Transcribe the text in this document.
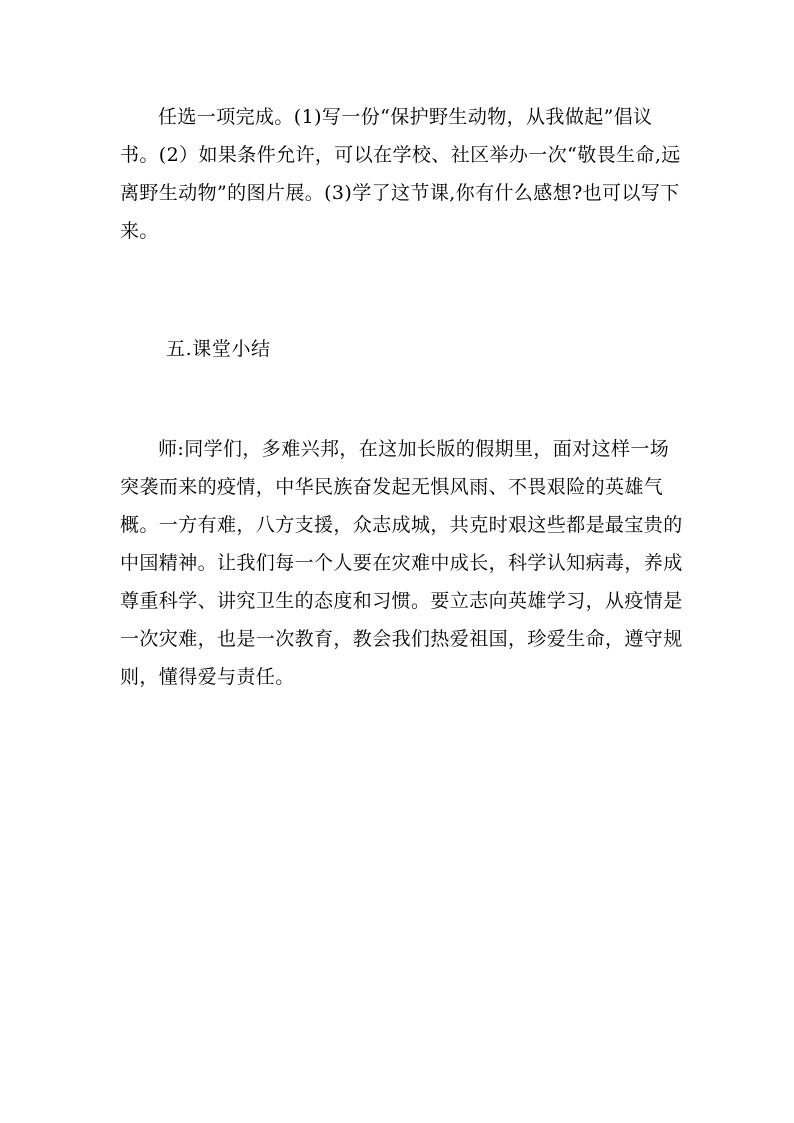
任选一项完成。(1)写一份“保护野生动物，从我做起”倡议书。(2）如果条件允许，可以在学校、社区举办一次“敬畏生命,远离野生动物”的图片展。(3)学了这节课,你有什么感想?也可以写下来。

五.课堂小结

师:同学们，多难兴邦，在这加长版的假期里，面对这样一场突袭而来的疫情，中华民族奋发起无惧风雨、不畏艰险的英雄气概。一方有难，八方支援，众志成城，共克时艰这些都是最宝贵的中国精神。让我们每一个人要在灾难中成长，科学认知病毒，养成尊重科学、讲究卫生的态度和习惯。要立志向英雄学习，从疫情是一次灾难，也是一次教育，教会我们热爱祖国，珍爱生命，遵守规则，懂得爱与责任。
